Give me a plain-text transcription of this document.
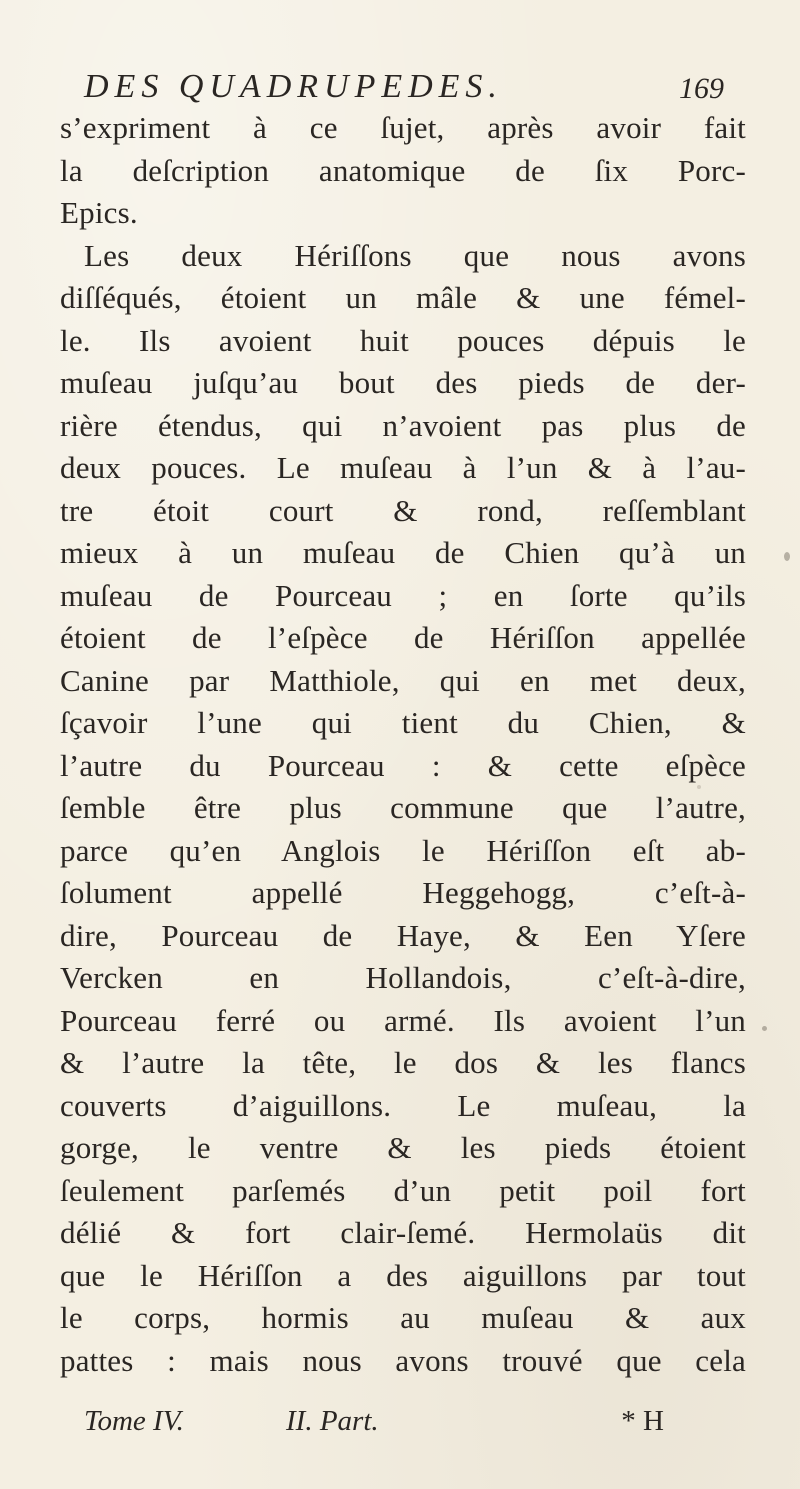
DES QUADRUPEDES.	169
s’expriment à ce ſujet, après avoir fait
la deſcription anatomique de ſix Porc-
Epics.
Les deux Hériſſons que nous avons
diſſéqués, étoient un mâle & une fémel-
le. Ils avoient huit pouces dépuis le
muſeau juſqu’au bout des pieds de der-
rière étendus, qui n’avoient pas plus de
deux pouces. Le muſeau à l’un & à l’au-
tre étoit court & rond, reſſemblant
mieux à un muſeau de Chien qu’à un
muſeau de Pourceau ; en ſorte qu’ils
étoient de l’eſpèce de Hériſſon appellée
Canine par Matthiole, qui en met deux,
ſçavoir l’une qui tient du Chien, &
l’autre du Pourceau : & cette eſpèce
ſemble être plus commune que l’autre,
parce qu’en Anglois le Hériſſon eſt ab-
ſolument appellé Heggehogg, c’eſt-à-
dire, Pourceau de Haye, & Een Yſere
Vercken en Hollandois, c’eſt-à-dire,
Pourceau ferré ou armé. Ils avoient l’un
& l’autre la tête, le dos & les flancs
couverts d’aiguillons. Le muſeau, la
gorge, le ventre & les pieds étoient
ſeulement parſemés d’un petit poil fort
délié & fort clair-ſemé. Hermolaüs dit
que le Hériſſon a des aiguillons par tout
le corps, hormis au muſeau & aux
pattes : mais nous avons trouvé que cela
Tome IV.	II. Part.	* H
